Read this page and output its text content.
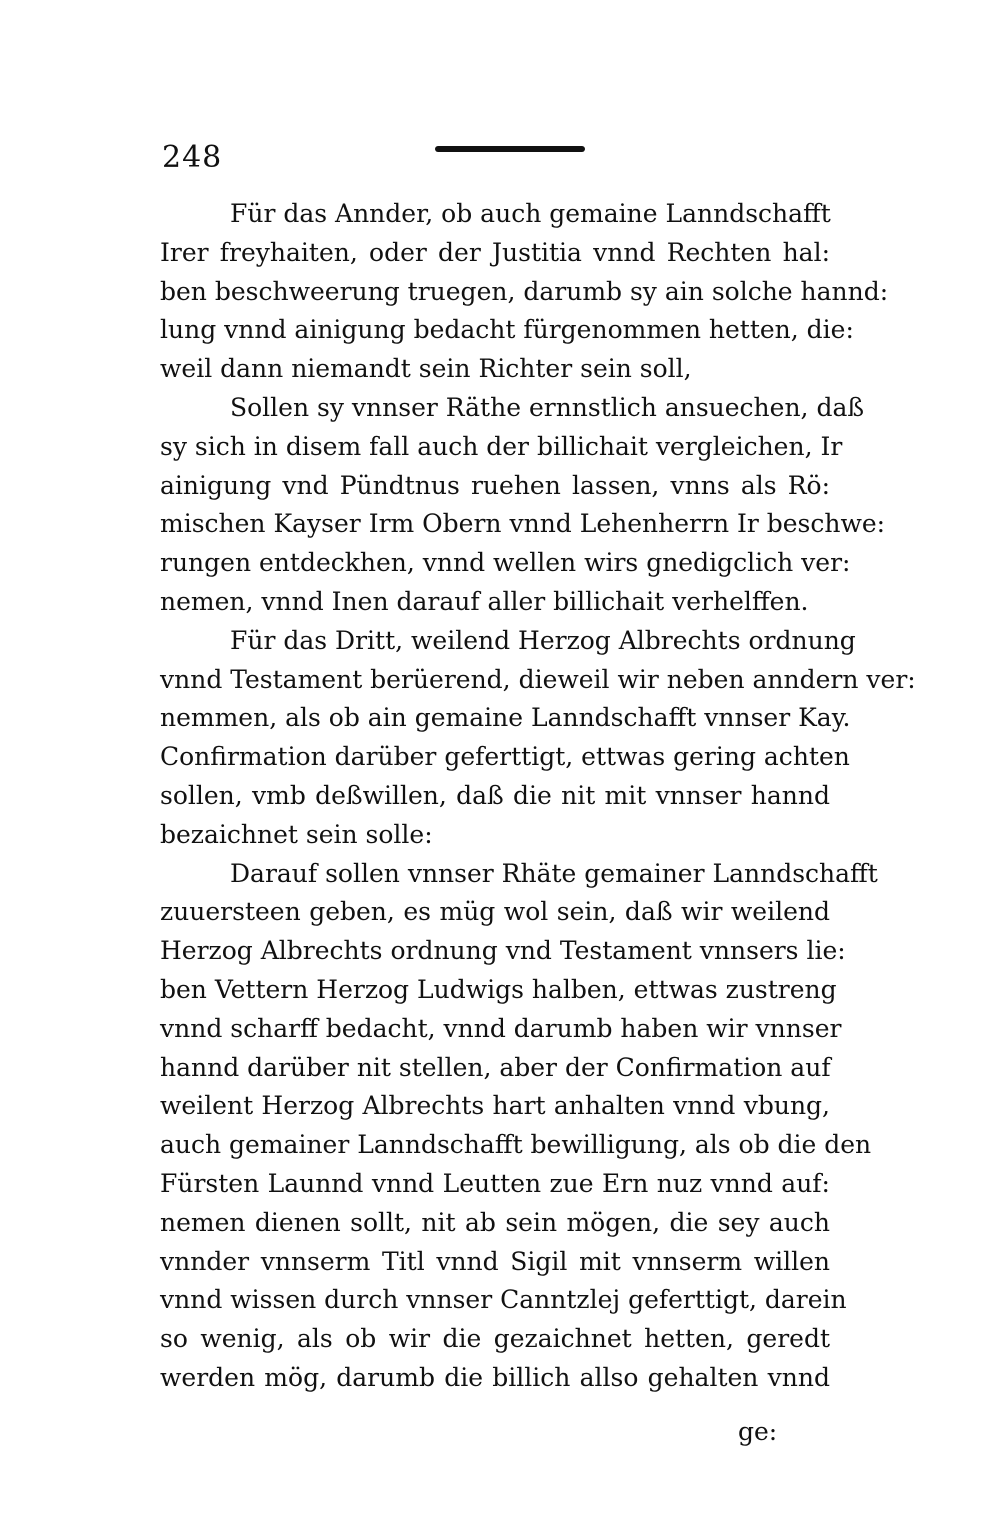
248
Für das Annder, ob auch gemaine Lanndschafft
Irer freyhaiten, oder der Justitia vnnd Rechten hal:
ben beschweerung truegen, darumb sy ain solche hannd:
lung vnnd ainigung bedacht fürgenommen hetten, die:
weil dann niemandt sein Richter sein soll,
Sollen sy vnnser Räthe ernnstlich ansuechen, daß
sy sich in disem fall auch der billichait vergleichen, Ir
ainigung vnd Pündtnus ruehen lassen, vnns als Rö:
mischen Kayser Irm Obern vnnd Lehenherrn Ir beschwe:
rungen entdeckhen, vnnd wellen wirs gnedigclich ver:
nemen, vnnd Inen darauf aller billichait verhelffen.
Für das Dritt, weilend Herzog Albrechts ordnung
vnnd Testament berüerend, dieweil wir neben anndern ver:
nemmen, als ob ain gemaine Lanndschafft vnnser Kay.
Confirmation darüber geferttigt, ettwas gering achten
sollen, vmb deßwillen, daß die nit mit vnnser hannd
bezaichnet sein solle:
Darauf sollen vnnser Rhäte gemainer Lanndschafft
zuuersteen geben, es müg wol sein, daß wir weilend
Herzog Albrechts ordnung vnd Testament vnnsers lie:
ben Vettern Herzog Ludwigs halben, ettwas zustreng
vnnd scharff bedacht, vnnd darumb haben wir vnnser
hannd darüber nit stellen, aber der Confirmation auf
weilent Herzog Albrechts hart anhalten vnnd vbung,
auch gemainer Lanndschafft bewilligung, als ob die den
Fürsten Launnd vnnd Leutten zue Ern nuz vnnd auf:
nemen dienen sollt, nit ab sein mögen, die sey auch
vnnder vnnserm Titl vnnd Sigil mit vnnserm willen
vnnd wissen durch vnnser Canntzlej geferttigt, darein
so wenig, als ob wir die gezaichnet hetten, geredt
werden mög, darumb die billich allso gehalten vnnd
ge:
